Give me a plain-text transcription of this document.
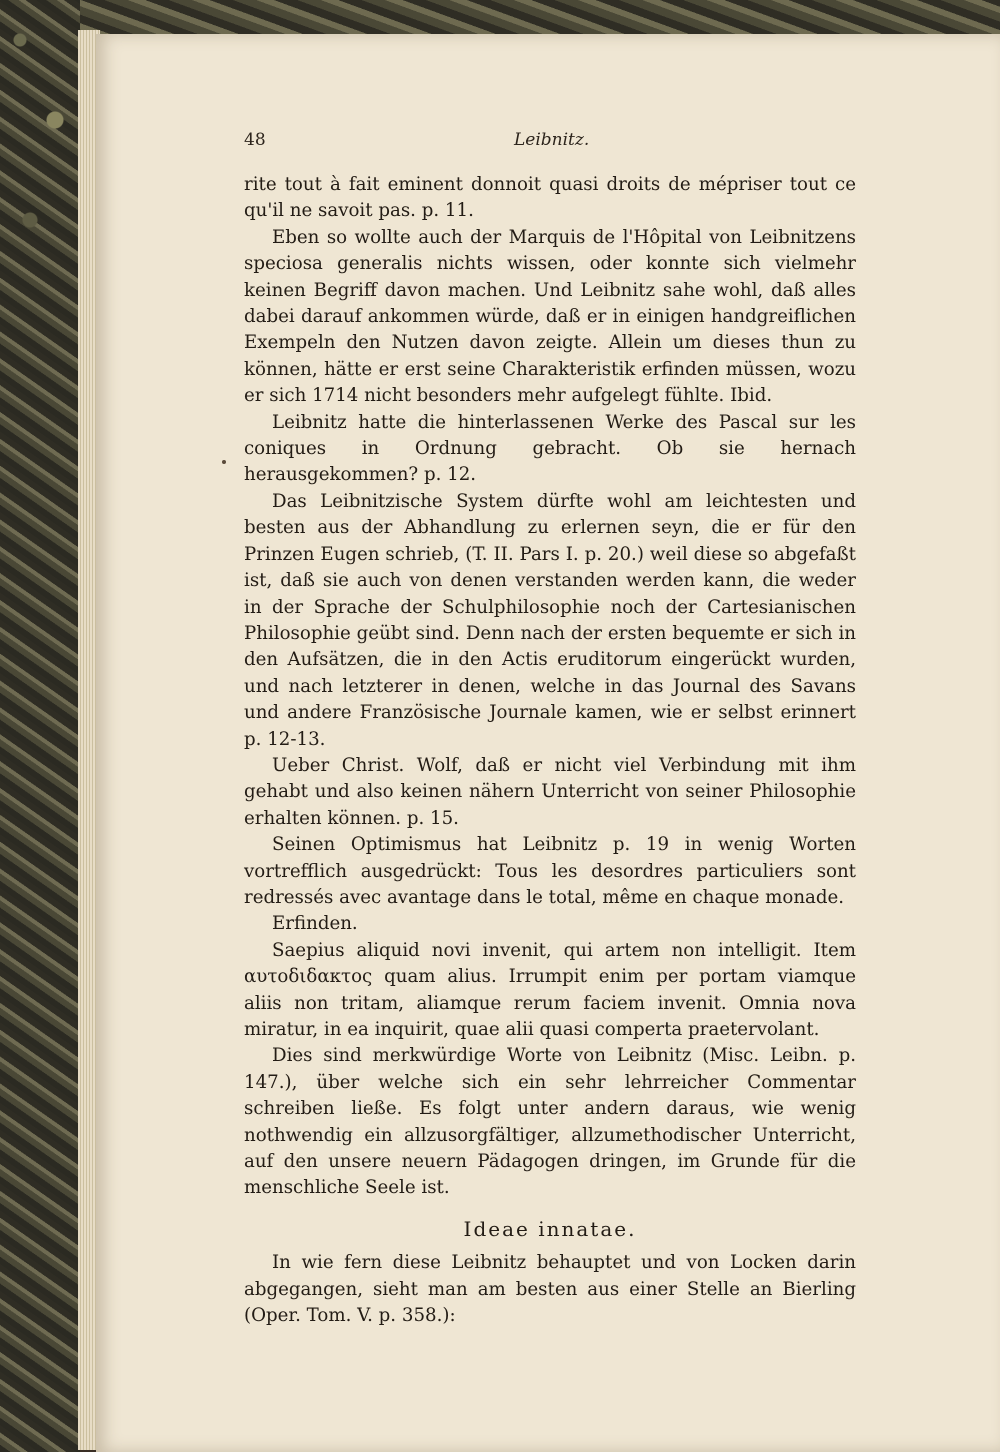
48	Leibnitz.

rite tout à fait eminent donnoit quasi droits de mépriser tout ce qu'il ne savoit pas. p. 11.

Eben so wollte auch der Marquis de l'Hôpital von Leibnitzens speciosa generalis nichts wissen, oder konnte sich vielmehr keinen Begriff davon machen. Und Leibnitz sahe wohl, daß alles dabei darauf ankommen würde, daß er in einigen handgreiflichen Exempeln den Nutzen davon zeigte. Allein um dieses thun zu können, hätte er erst seine Charakteristik erfinden müssen, wozu er sich 1714 nicht besonders mehr aufgelegt fühlte. Ibid.

Leibnitz hatte die hinterlassenen Werke des Pascal sur les coniques in Ordnung gebracht. Ob sie hernach herausgekommen? p. 12.

Das Leibnitzische System dürfte wohl am leichtesten und besten aus der Abhandlung zu erlernen seyn, die er für den Prinzen Eugen schrieb, (T. II. Pars I. p. 20.) weil diese so abgefaßt ist, daß sie auch von denen verstanden werden kann, die weder in der Sprache der Schulphilosophie noch der Cartesianischen Philosophie geübt sind. Denn nach der ersten bequemte er sich in den Aufsätzen, die in den Actis eruditorum eingerückt wurden, und nach letzterer in denen, welche in das Journal des Savans und andere Französische Journale kamen, wie er selbst erinnert p. 12-13.

Ueber Christ. Wolf, daß er nicht viel Verbindung mit ihm gehabt und also keinen nähern Unterricht von seiner Philosophie erhalten können. p. 15.

Seinen Optimismus hat Leibnitz p. 19 in wenig Worten vortrefflich ausgedrückt: Tous les desordres particuliers sont redressés avec avantage dans le total, même en chaque monade.

Erfinden.

Saepius aliquid novi invenit, qui artem non intelligit. Item αυτοδιδακτος quam alius. Irrumpit enim per portam viamque aliis non tritam, aliamque rerum faciem invenit. Omnia nova miratur, in ea inquirit, quae alii quasi comperta praetervolant.

Dies sind merkwürdige Worte von Leibnitz (Misc. Leibn. p. 147.), über welche sich ein sehr lehrreicher Commentar schreiben ließe. Es folgt unter andern daraus, wie wenig nothwendig ein allzusorgfältiger, allzumethodischer Unterricht, auf den unsere neuern Pädagogen dringen, im Grunde für die menschliche Seele ist.

Ideae innatae.

In wie fern diese Leibnitz behauptet und von Locken darin abgegangen, sieht man am besten aus einer Stelle an Bierling (Oper. Tom. V. p. 358.):
